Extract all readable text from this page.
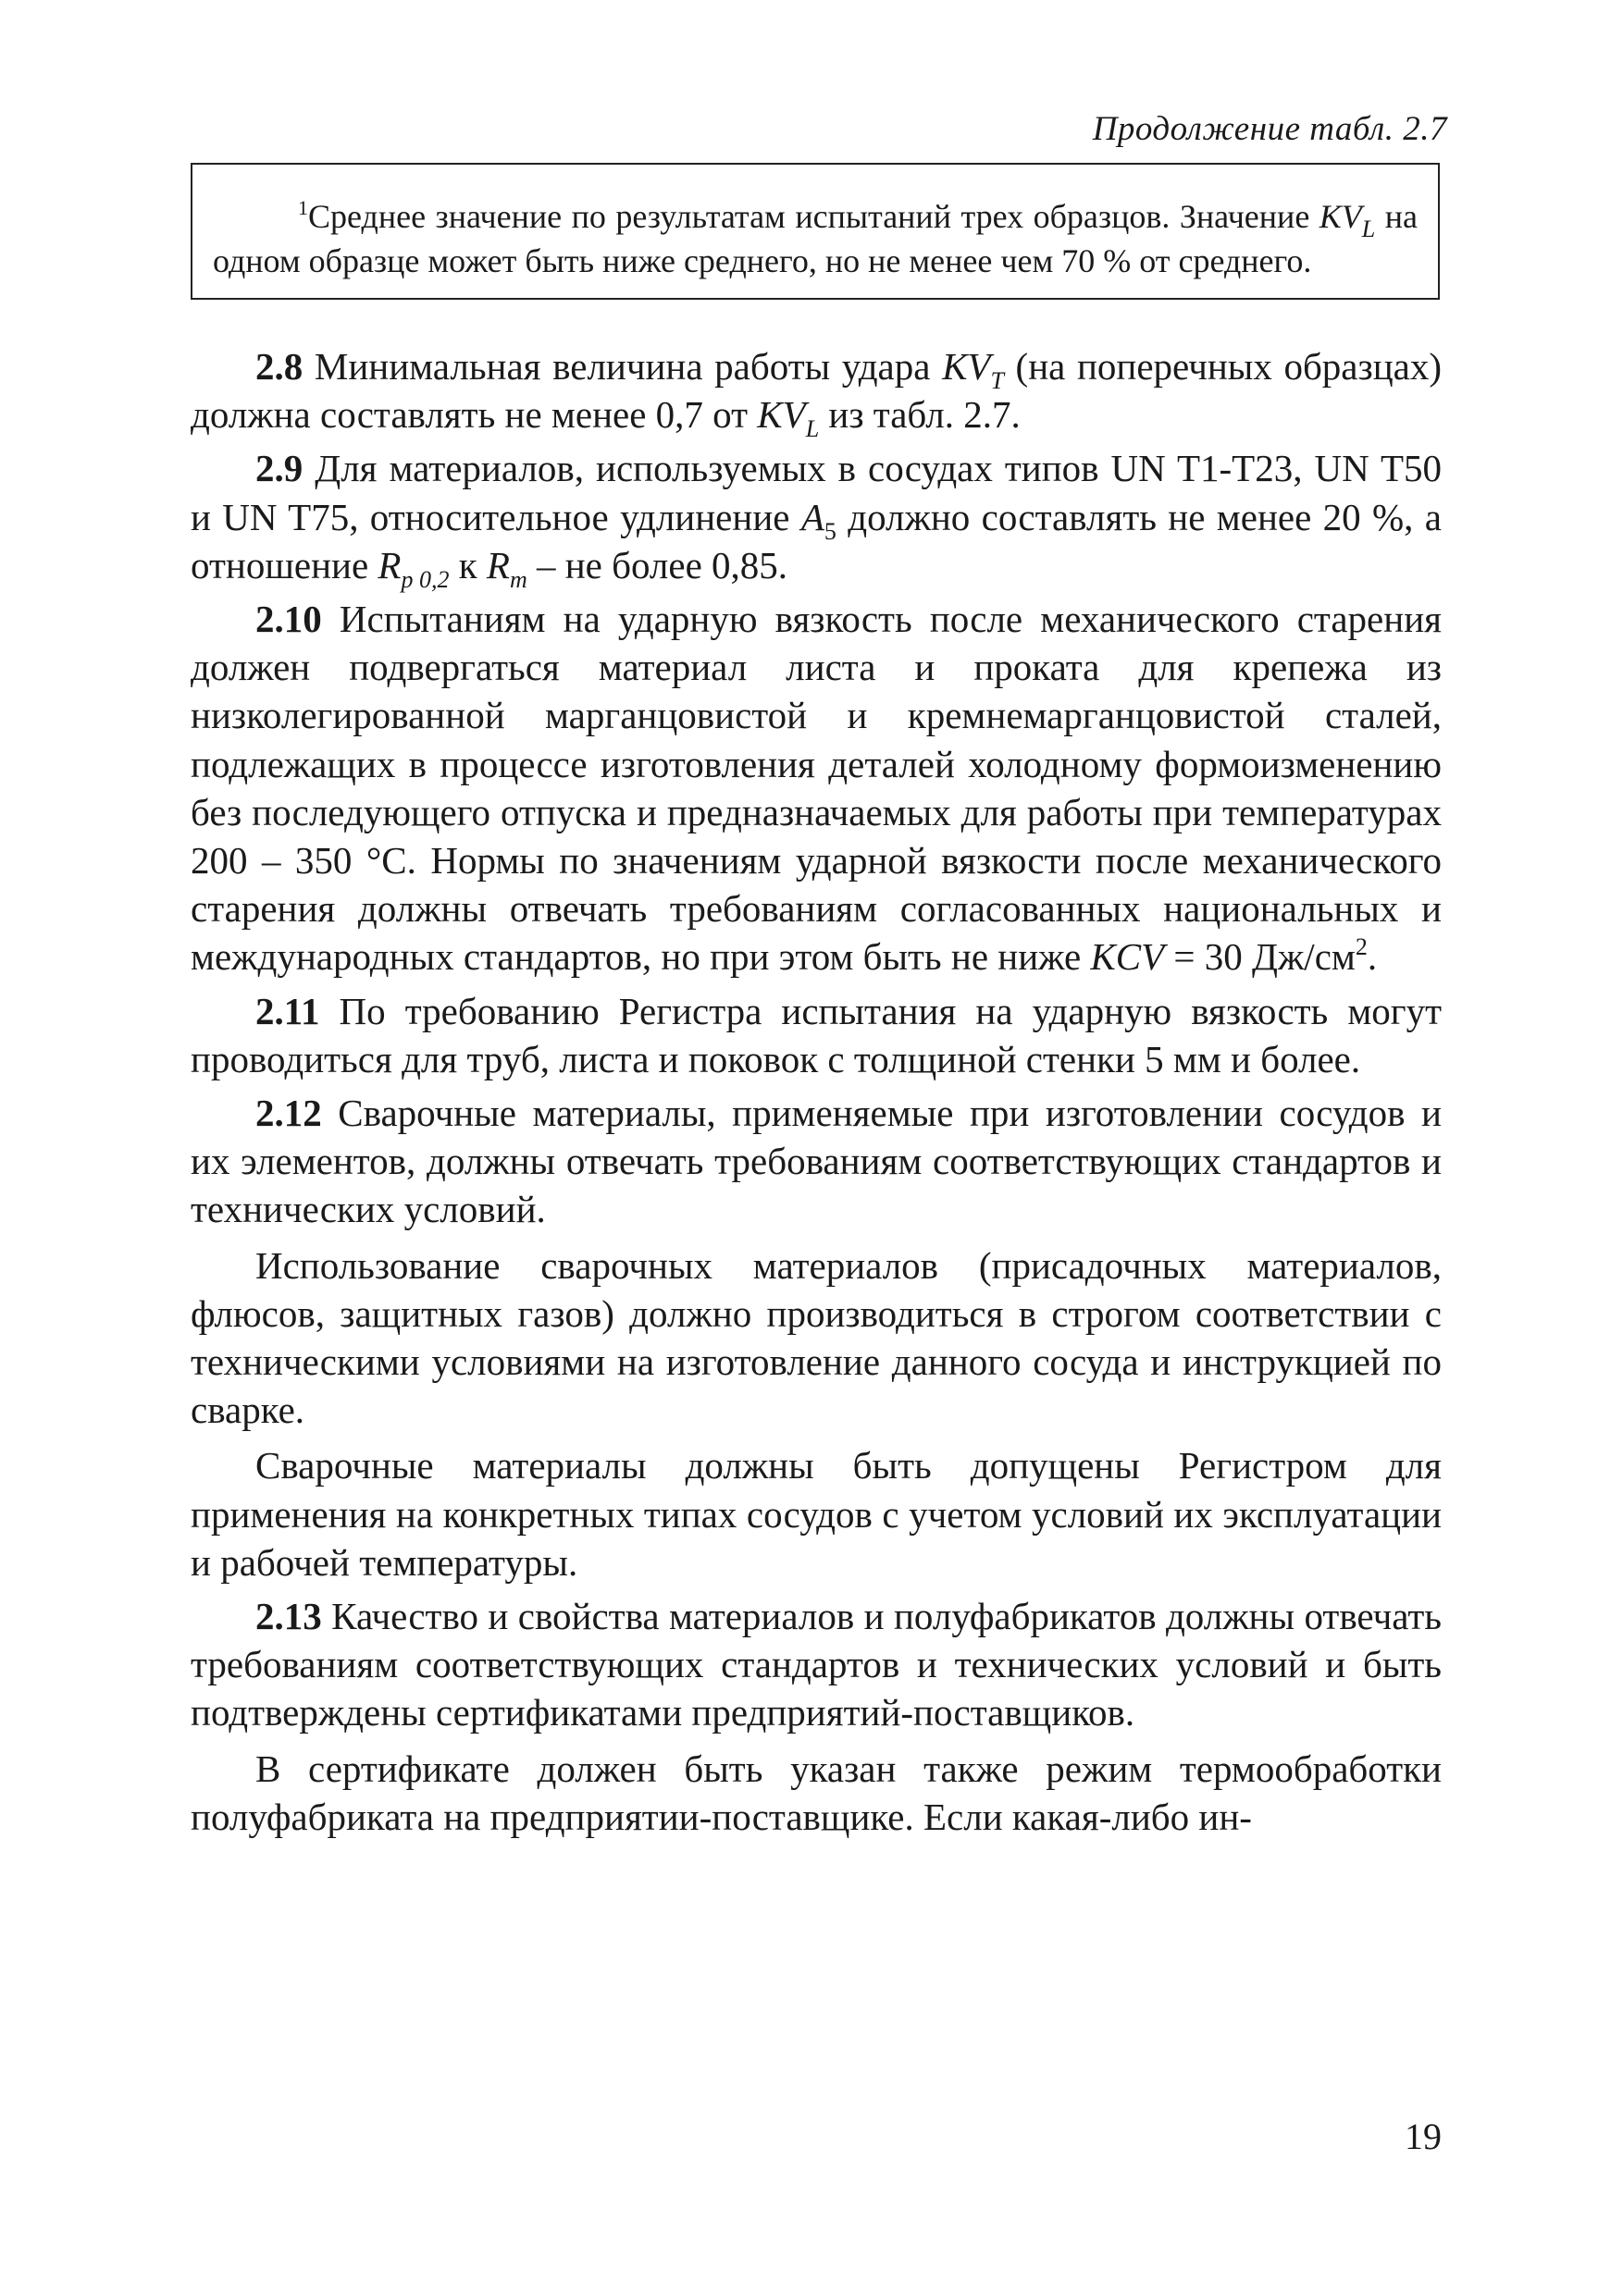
Продолжение табл. 2.7
$^1$Среднее значение по результатам испытаний трех образцов. Значение $KV_L$ на одном образце может быть ниже среднего, но не менее чем 70 % от среднего.

2.8 Минимальная величина работы удара $KV_T$ (на поперечных образцах) должна составлять не менее 0,7 от $KV_L$ из табл. 2.7.

2.9 Для материалов, используемых в сосудах типов UN T1-T23, UN T50 и UN T75, относительное удлинение $A_5$ должно составлять не менее 20 %, а отношение $R_{p 0,2}$ к $R_m$ – не более 0,85.

2.10 Испытаниям на ударную вязкость после механического старения должен подвергаться материал листа и проката для крепежа из низколегированной марганцовистой и кремнемарганцовистой сталей, подлежащих в процессе изготовления деталей холодному формоизменению без последующего отпуска и предназначаемых для работы при температурах 200 – 350 °C. Нормы по значениям ударной вязкости после механического старения должны отвечать требованиям согласованных национальных и международных стандартов, но при этом быть не ниже KCV = 30 $Дж/см^2$.

2.11 По требованию Регистра испытания на ударную вязкость могут проводиться для труб, листа и поковок с толщиной стенки 5 мм и более.

2.12 Сварочные материалы, применяемые при изготовлении сосудов и их элементов, должны отвечать требованиям соответствующих стандартов и технических условий.

Использование сварочных материалов (присадочных материалов, флюсов, защитных газов) должно производиться в строгом соответствии с техническими условиями на изготовление данного сосуда и инструкцией по сварке.

Сварочные материалы должны быть допущены Регистром для применения на конкретных типах сосудов с учетом условий их эксплуатации и рабочей температуры.

2.13 Качество и свойства материалов и полуфабрикатов должны отвечать требованиям соответствующих стандартов и технических условий и быть подтверждены сертификатами предприятий-поставщиков.

В сертификате должен быть указан также режим термообработки полуфабриката на предприятии-поставщике. Если какая-либо ин-

19
